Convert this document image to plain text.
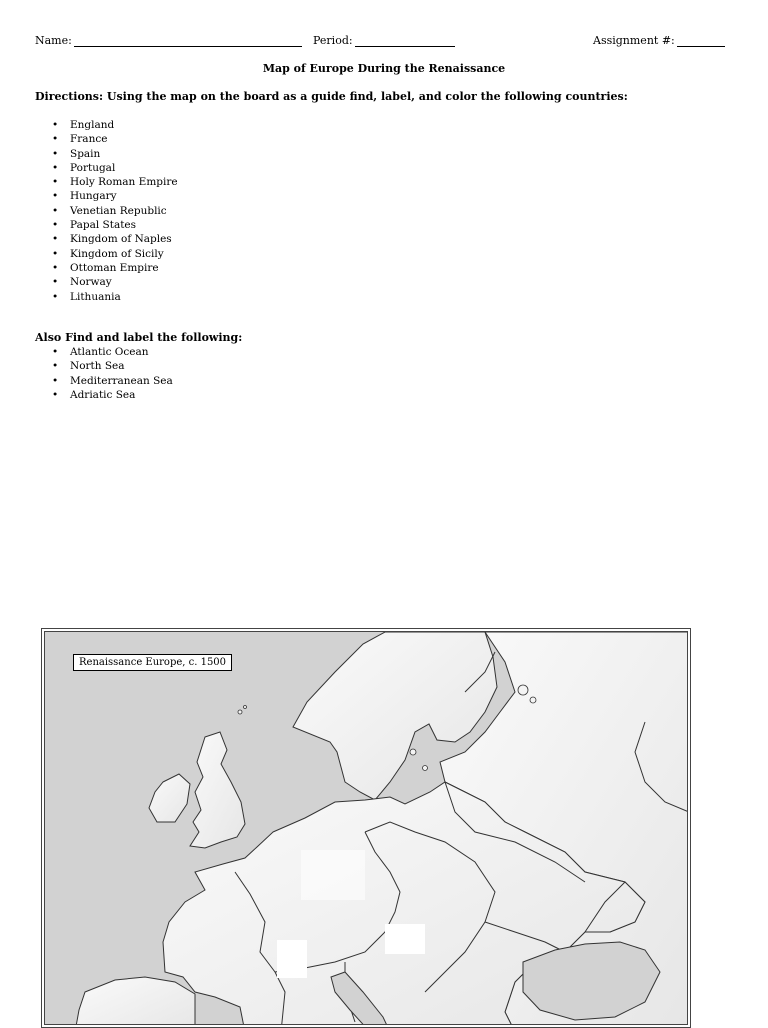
Name:	Period:	Assignment #:
Map of Europe During the Renaissance
Directions: Using the map on the board as a guide find, label, and color the following countries:
• England
• France
• Spain
• Portugal
• Holy Roman Empire
• Hungary
• Venetian Republic
• Papal States
• Kingdom of Naples
• Kingdom of Sicily
• Ottoman Empire
• Norway
• Lithuania
Also Find and label the following:
• Atlantic Ocean
• North Sea
• Mediterranean Sea
• Adriatic Sea
Renaissance Europe, c. 1500
